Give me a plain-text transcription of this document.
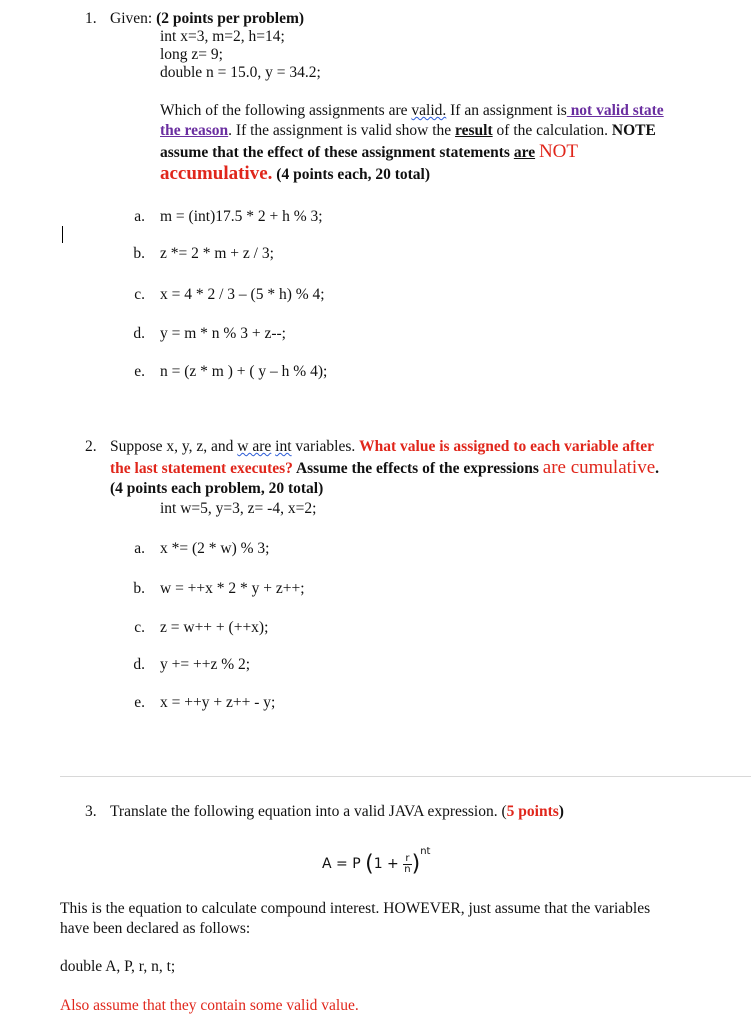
1. Given: (2 points per problem)
int x=3, m=2, h=14;
long z= 9;
double n = 15.0, y = 34.2;
Which of the following assignments are valid. If an assignment is not valid state
the reason. If the assignment is valid show the result of the calculation. NOTE
assume that the effect of these assignment statements are NOT
accumulative. (4 points each, 20 total)
a. m = (int)17.5 * 2 + h % 3;
b. z *= 2 * m + z / 3;
c. x = 4 * 2 / 3 – (5 * h) % 4;
d. y = m * n % 3 + z--;
e. n = (z * m ) + ( y – h % 4);
2. Suppose x, y, z, and w are int variables. What value is assigned to each variable after
the last statement executes? Assume the effects of the expressions are cumulative.
(4 points each problem, 20 total)
int w=5, y=3, z= -4, x=2;
a. x *= (2 * w) % 3;
b. w = ++x * 2 * y + z++;
c. z = w++ + (++x);
d. y += ++z % 2;
e. x = ++y + z++ - y;
3. Translate the following equation into a valid JAVA expression. (5 points)
A = P $(1 + \frac{r}{n} )^{nt}$
This is the equation to calculate compound interest. HOWEVER, just assume that the variables
have been declared as follows:
double A, P, r, n, t;
Also assume that they contain some valid value.
